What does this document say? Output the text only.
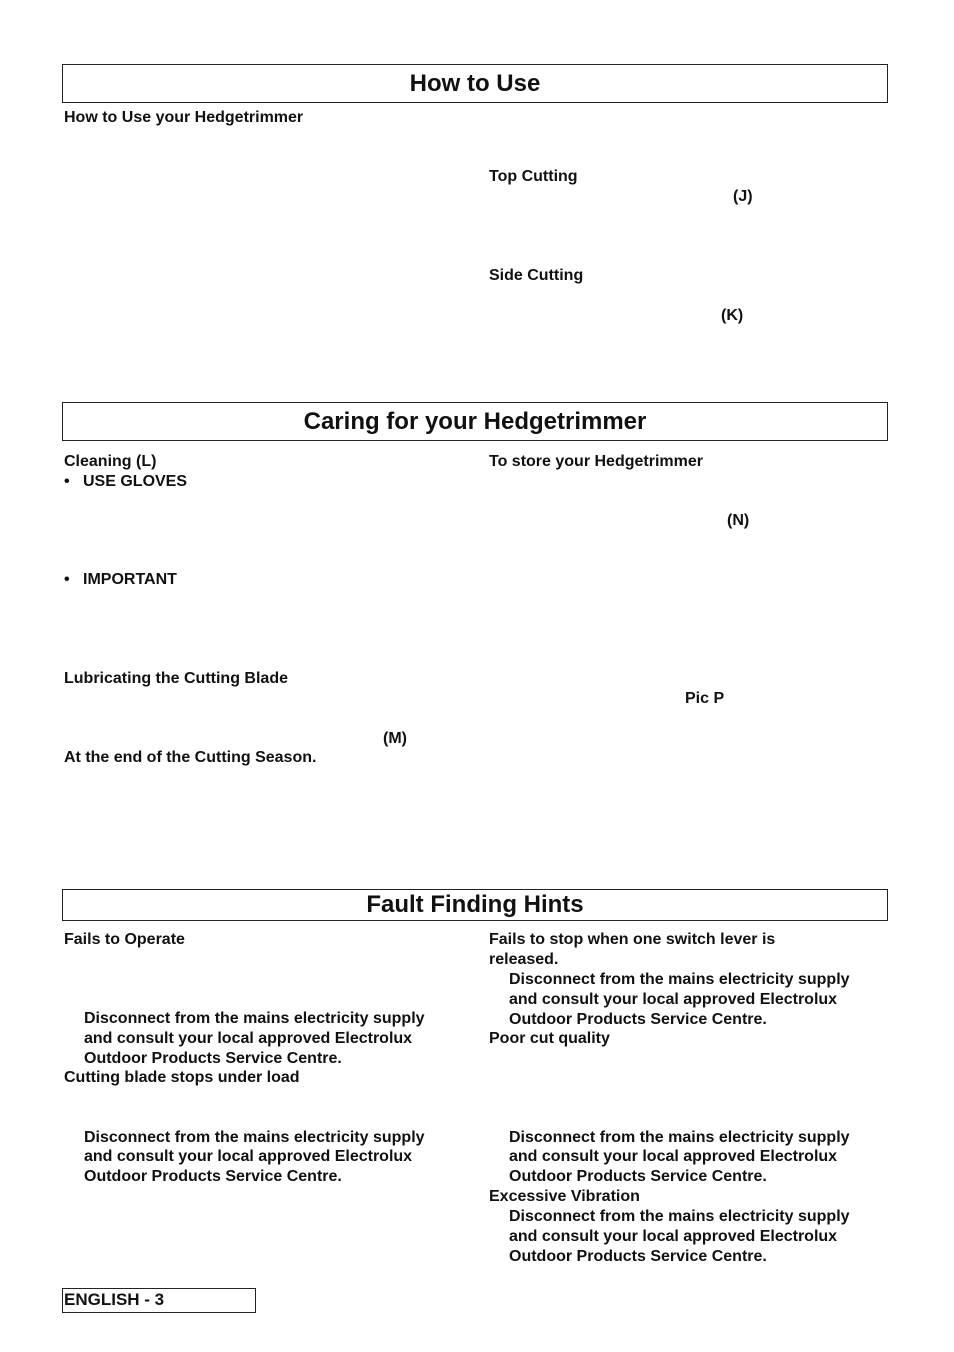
How to Use
How to Use your Hedgetrimmer
Top Cutting
(J)
Side Cutting
(K)
Caring for your Hedgetrimmer
Cleaning (L)
• USE GLOVES
• IMPORTANT
Lubricating the Cutting Blade
(M)
At the end of the Cutting Season.
To store your Hedgetrimmer
(N)
Pic P
Fault Finding Hints
Fails to Operate
Disconnect from the mains electricity supply
and consult your local approved Electrolux
Outdoor Products Service Centre.
Cutting blade stops under load
Disconnect from the mains electricity supply
and consult your local approved Electrolux
Outdoor Products Service Centre.
Fails to stop when one switch lever is
released.
Disconnect from the mains electricity supply
and consult your local approved Electrolux
Outdoor Products Service Centre.
Poor cut quality
Disconnect from the mains electricity supply
and consult your local approved Electrolux
Outdoor Products Service Centre.
Excessive Vibration
Disconnect from the mains electricity supply
and consult your local approved Electrolux
Outdoor Products Service Centre.
ENGLISH - 3
